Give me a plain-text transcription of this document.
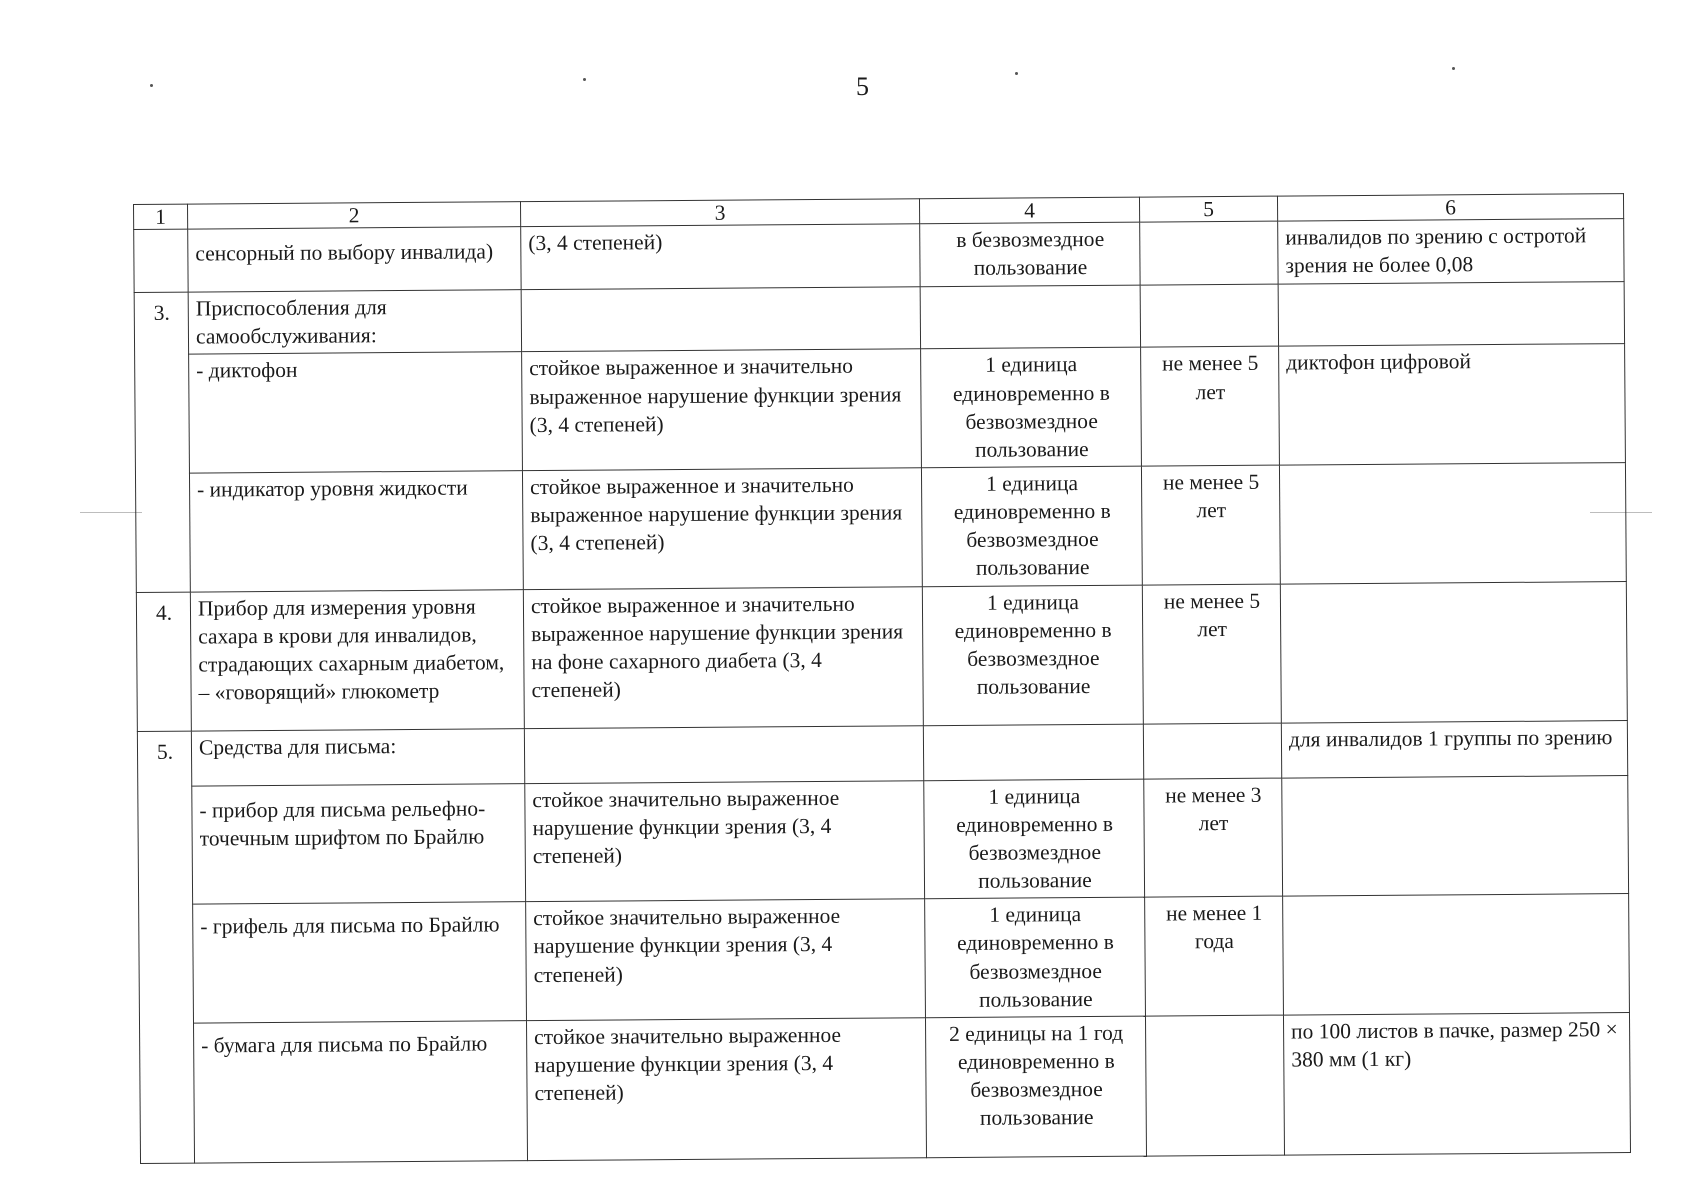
5
1	2	3	4	5	6
	сенсорный по выбору инвалида)	(3, 4 степеней)	в безвозмездное пользование		инвалидов по зрению с остротой зрения не более 0,08
3.	Приспособления для самообслуживания:				
	- диктофон	стойкое выраженное и значительно выраженное нарушение функции зрения (3, 4 степеней)	1 единица единовременно в безвозмездное пользование	не менее 5 лет	диктофон цифровой
	- индикатор уровня жидкости	стойкое выраженное и значительно выраженное нарушение функции зрения (3, 4 степеней)	1 единица единовременно в безвозмездное пользование	не менее 5 лет	
4.	Прибор для измерения уровня сахара в крови для инвалидов, страдающих сахарным диабетом, – «говорящий» глюкометр	стойкое выраженное и значительно выраженное нарушение функции зрения на фоне сахарного диабета (3, 4 степеней)	1 единица единовременно в безвозмездное пользование	не менее 5 лет	
5.	Средства для письма:				для инвалидов 1 группы по зрению
	- прибор для письма рельефно-точечным шрифтом по Брайлю	стойкое значительно выраженное нарушение функции зрения (3, 4 степеней)	1 единица единовременно в безвозмездное пользование	не менее 3 лет	
	- грифель для письма по Брайлю	стойкое значительно выраженное нарушение функции зрения (3, 4 степеней)	1 единица единовременно в безвозмездное пользование	не менее 1 года	
	- бумага для письма по Брайлю	стойкое значительно выраженное нарушение функции зрения (3, 4 степеней)	2 единицы на 1 год единовременно в безвозмездное пользование		по 100 листов в пачке, размер 250 × 380 мм (1 кг)
